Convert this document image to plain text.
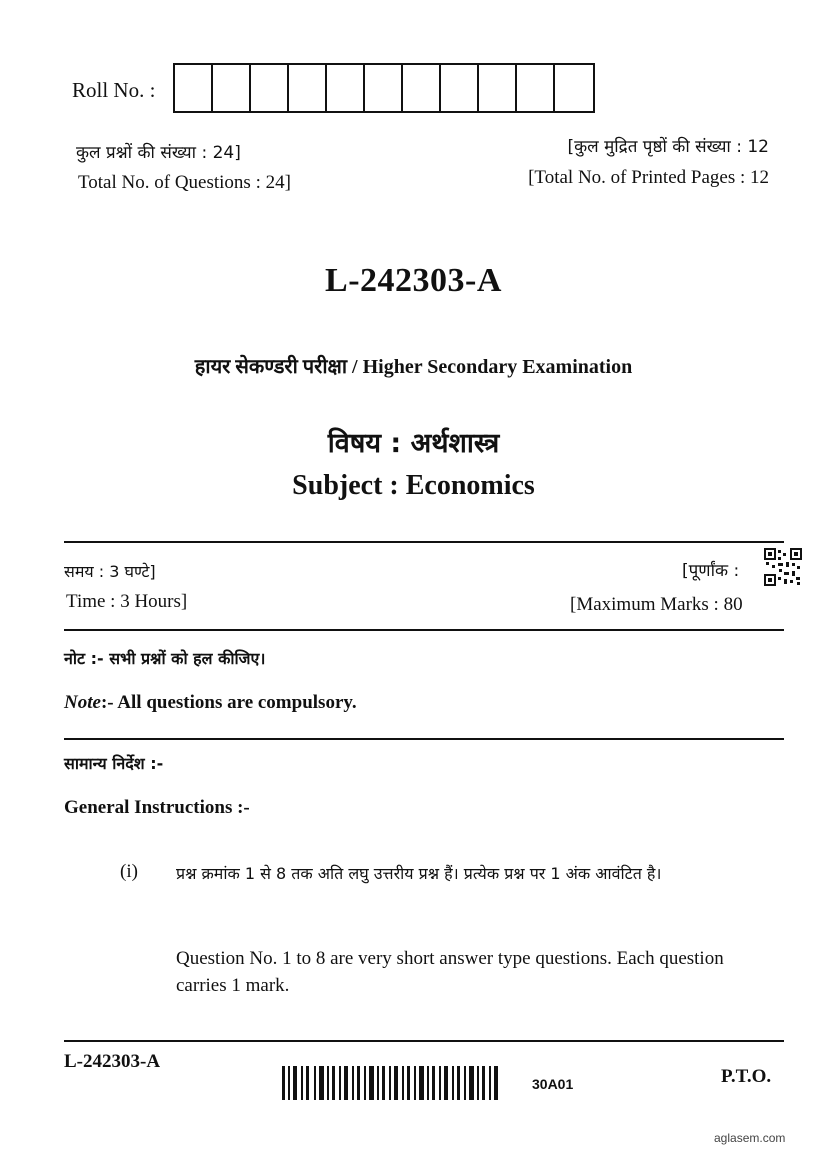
Roll No. :
कुल प्रश्नों की संख्या : 24]
Total No. of Questions : 24]
[कुल मुद्रित पृष्ठों की संख्या : 12
[Total No. of Printed Pages : 12
L-242303-A
हायर सेकण्डरी परीक्षा / Higher Secondary Examination
विषय : अर्थशास्त्र
Subject : Economics
समय : 3 घण्टे]
Time : 3 Hours]
[पूर्णांक :
[Maximum Marks : 80
नोट :- सभी प्रश्नों को हल कीजिए।
Note:- All questions are compulsory.
सामान्य निर्देश :-
General Instructions :-
(i) प्रश्न क्रमांक 1 से 8 तक अति लघु उत्तरीय प्रश्न हैं। प्रत्येक प्रश्न पर 1 अंक आवंटित है।
Question No. 1 to 8 are very short answer type questions. Each question carries 1 mark.
L-242303-A
30A01	P.T.O.
aglasem.com
